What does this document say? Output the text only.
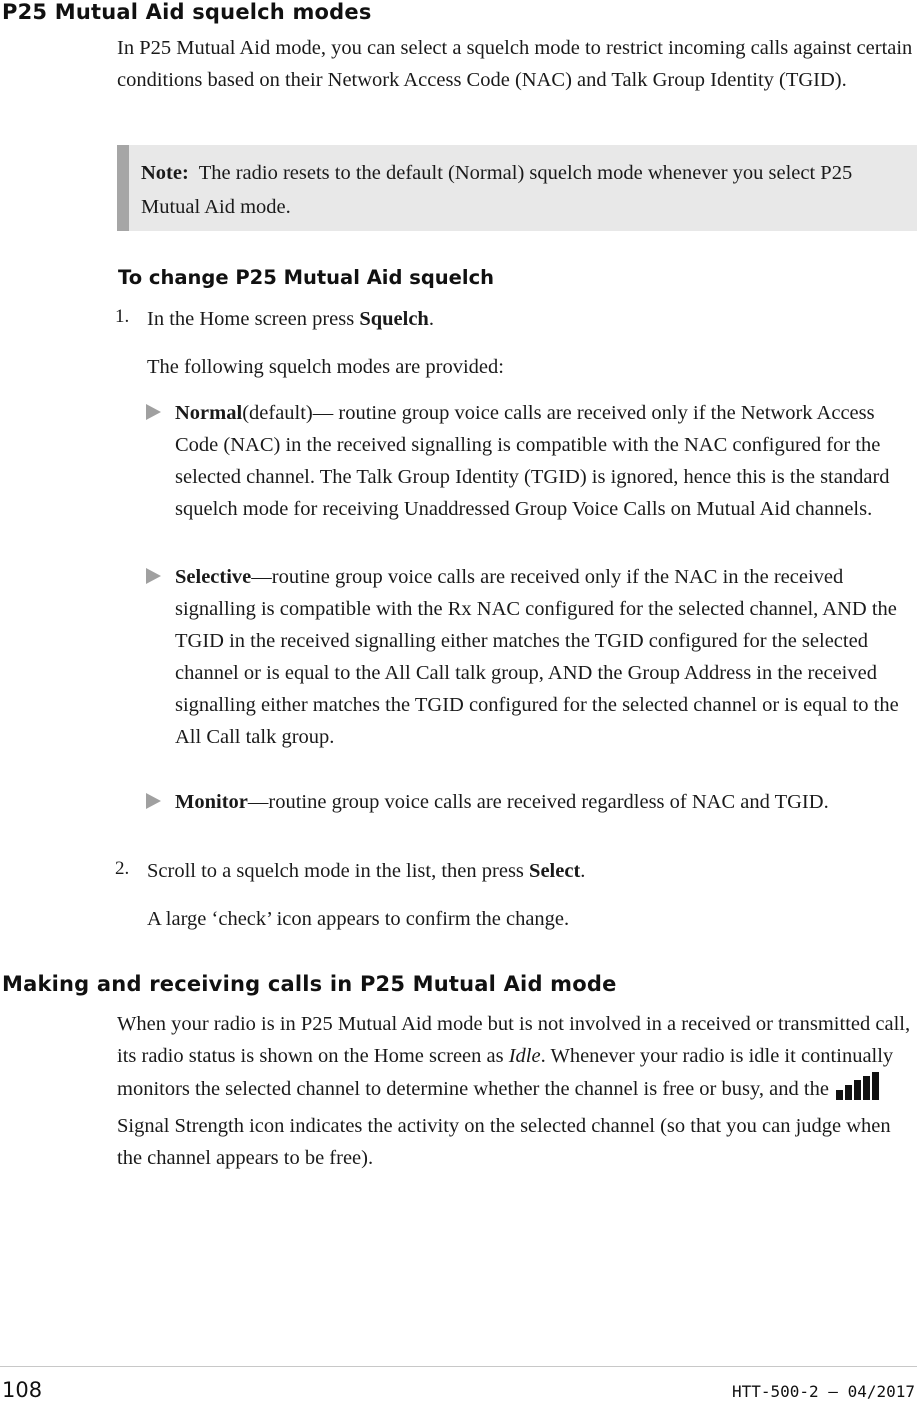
P25 Mutual Aid squelch modes

In P25 Mutual Aid mode, you can select a squelch mode to restrict incoming calls against certain conditions based on their Network Access Code (NAC) and Talk Group Identity (TGID).

Note: The radio resets to the default (Normal) squelch mode whenever you select P25 Mutual Aid mode.
To change P25 Mutual Aid squelch
1. In the Home screen press Squelch.
The following squelch modes are provided:
Normal(default)— routine group voice calls are received only if the Network Access Code (NAC) in the received signalling is compatible with the NAC configured for the selected channel. The Talk Group Identity (TGID) is ignored, hence this is the standard squelch mode for receiving Unaddressed Group Voice Calls on Mutual Aid channels.
Selective—routine group voice calls are received only if the NAC in the received signalling is compatible with the Rx NAC configured for the selected channel, AND the TGID in the received signalling either matches the TGID configured for the selected channel or is equal to the All Call talk group, AND the Group Address in the received signalling either matches the TGID configured for the selected channel or is equal to the All Call talk group.
Monitor—routine group voice calls are received regardless of NAC and TGID.
2. Scroll to a squelch mode in the list, then press Select.
A large ‘check’ icon appears to confirm the change.
Making and receiving calls in P25 Mutual Aid mode

When your radio is in P25 Mutual Aid mode but is not involved in a received or transmitted call, its radio status is shown on the Home screen as Idle. Whenever your radio is idle it continually monitors the selected channel to determine whether the channel is free or busy, and the  Signal Strength icon indicates the activity on the selected channel (so that you can judge when the channel appears to be free).

108	HTT-500-2 – 04/2017
